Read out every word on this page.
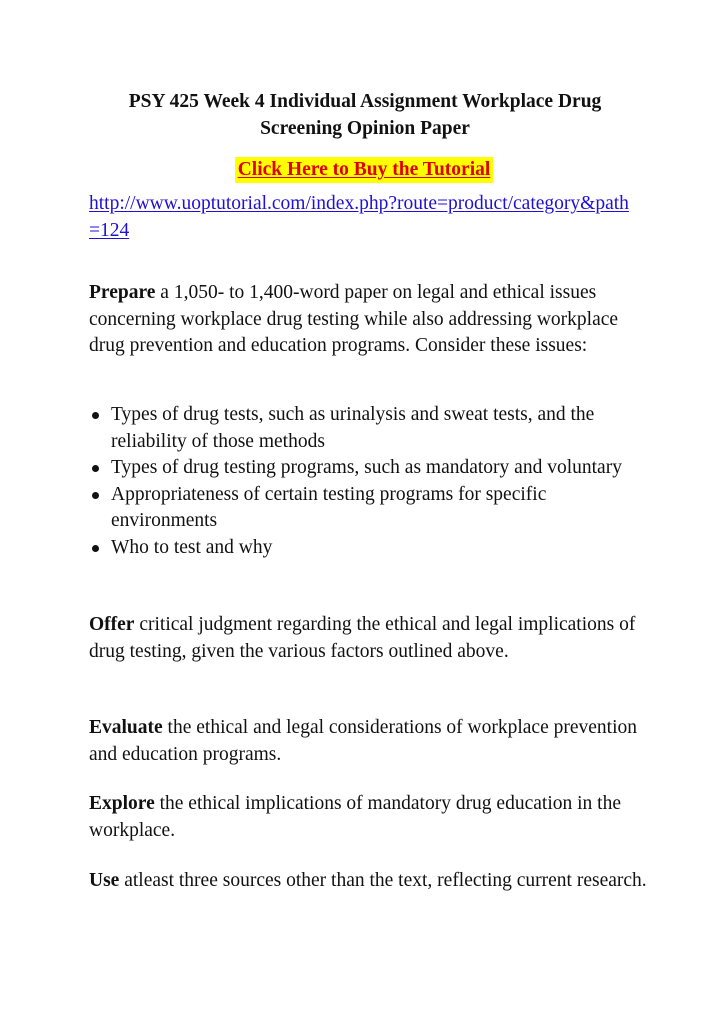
PSY 425 Week 4 Individual Assignment Workplace Drug
Screening Opinion Paper
Click Here to Buy the Tutorial
http://www.uoptutorial.com/index.php?route=product/category&path=124

Prepare a 1,050- to 1,400-word paper on legal and ethical issues concerning workplace drug testing while also addressing workplace drug prevention and education programs. Consider these issues:

Types of drug tests, such as urinalysis and sweat tests, and the reliability of those methods
Types of drug testing programs, such as mandatory and voluntary
Appropriateness of certain testing programs for specific environments
Who to test and why

Offer critical judgment regarding the ethical and legal implications of drug testing, given the various factors outlined above.

Evaluate the ethical and legal considerations of workplace prevention and education programs.

Explore the ethical implications of mandatory drug education in the workplace.

Use atleast three sources other than the text, reflecting current research.
